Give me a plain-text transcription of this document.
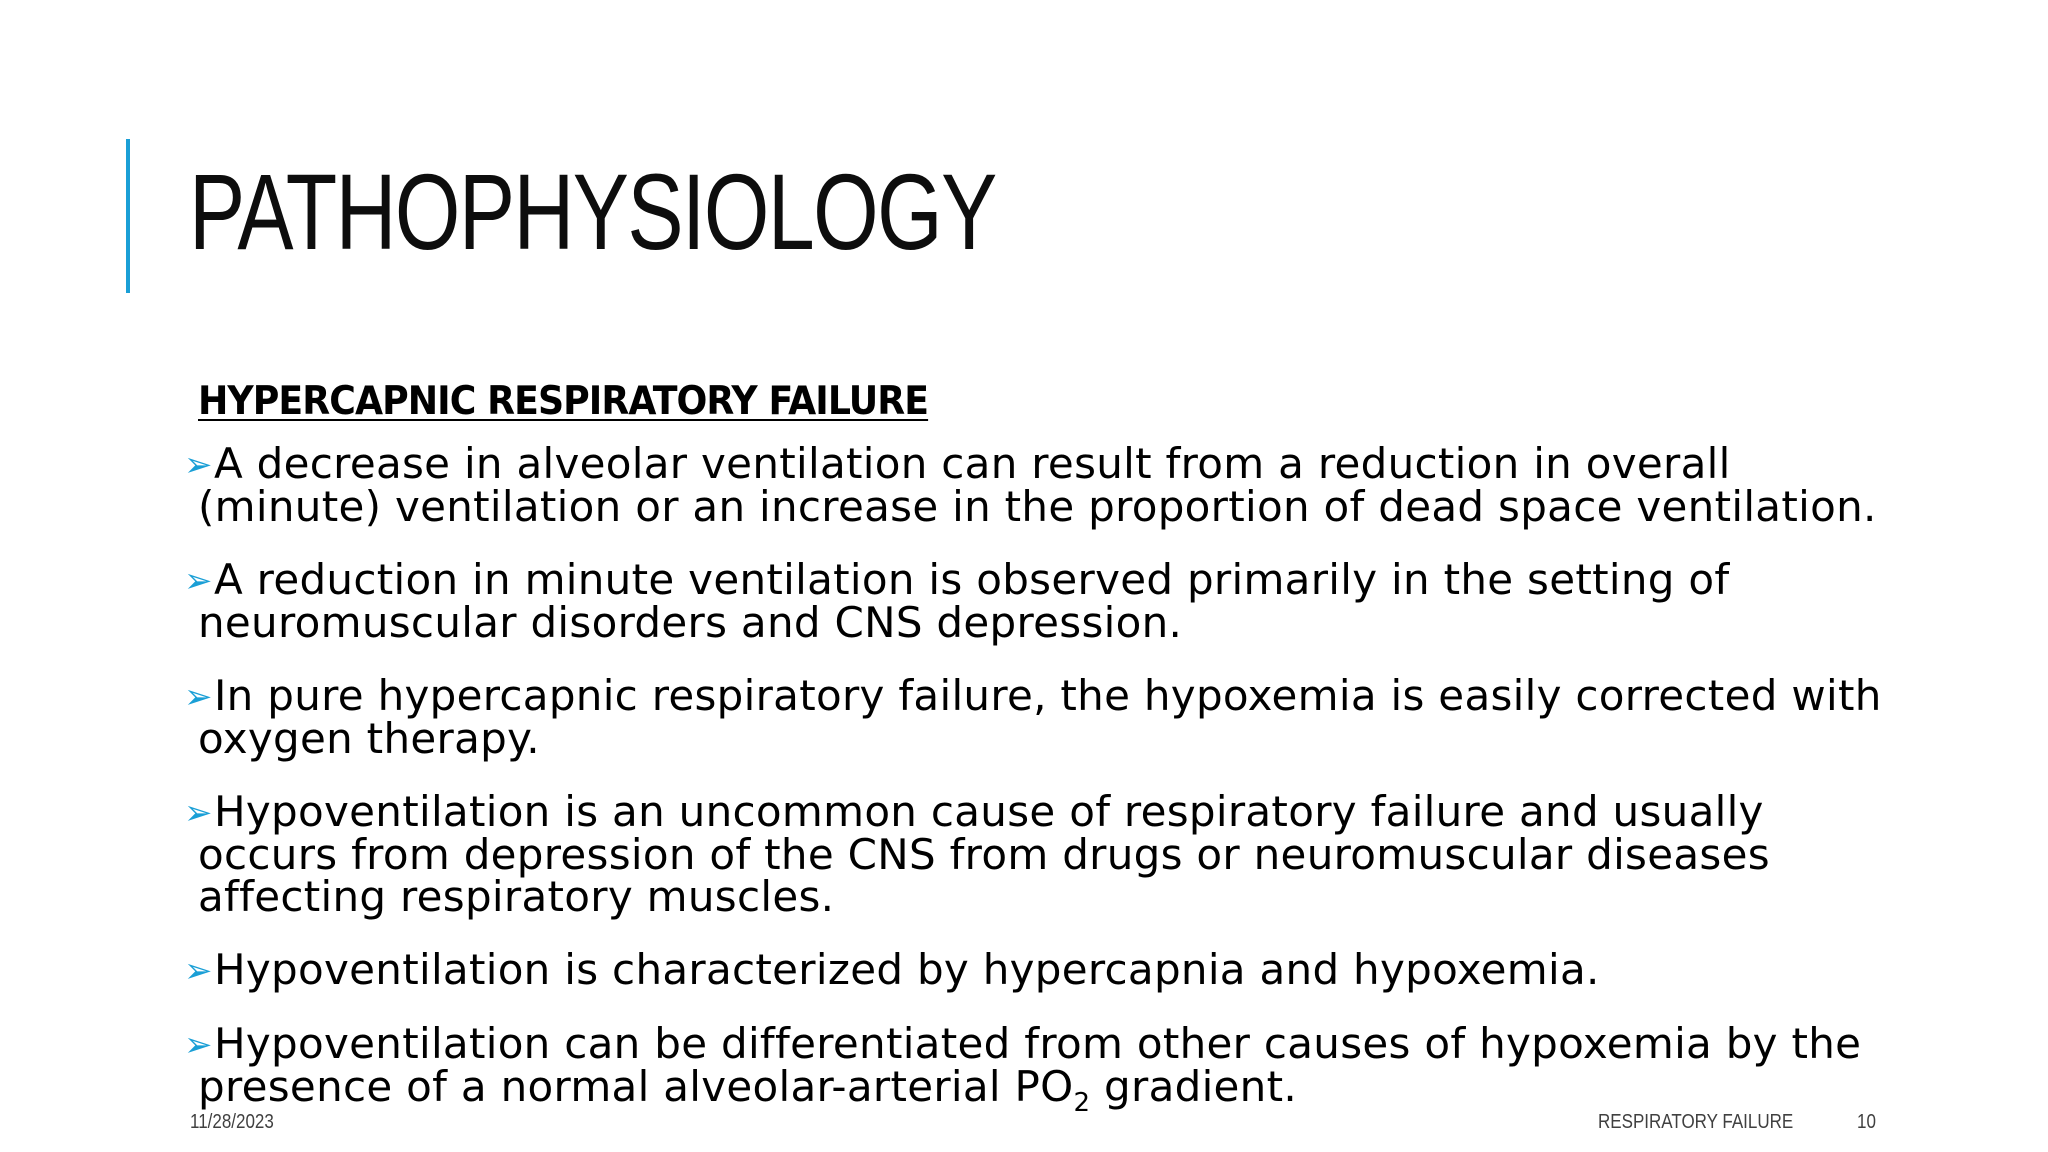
PATHOPHYSIOLOGY
HYPERCAPNIC RESPIRATORY FAILURE
➢A decrease in alveolar ventilation can result from a reduction in overall (minute) ventilation or an increase in the proportion of dead space ventilation.
➢A reduction in minute ventilation is observed primarily in the setting of neuromuscular disorders and CNS depression.
➢In pure hypercapnic respiratory failure, the hypoxemia is easily corrected with oxygen therapy.
➢Hypoventilation is an uncommon cause of respiratory failure and usually occurs from depression of the CNS from drugs or neuromuscular diseases affecting respiratory muscles.
➢Hypoventilation is characterized by hypercapnia and hypoxemia.
➢Hypoventilation can be differentiated from other causes of hypoxemia by the presence of a normal alveolar-arterial $PO_2$ gradient.
11/28/2023	RESPIRATORY FAILURE	10
